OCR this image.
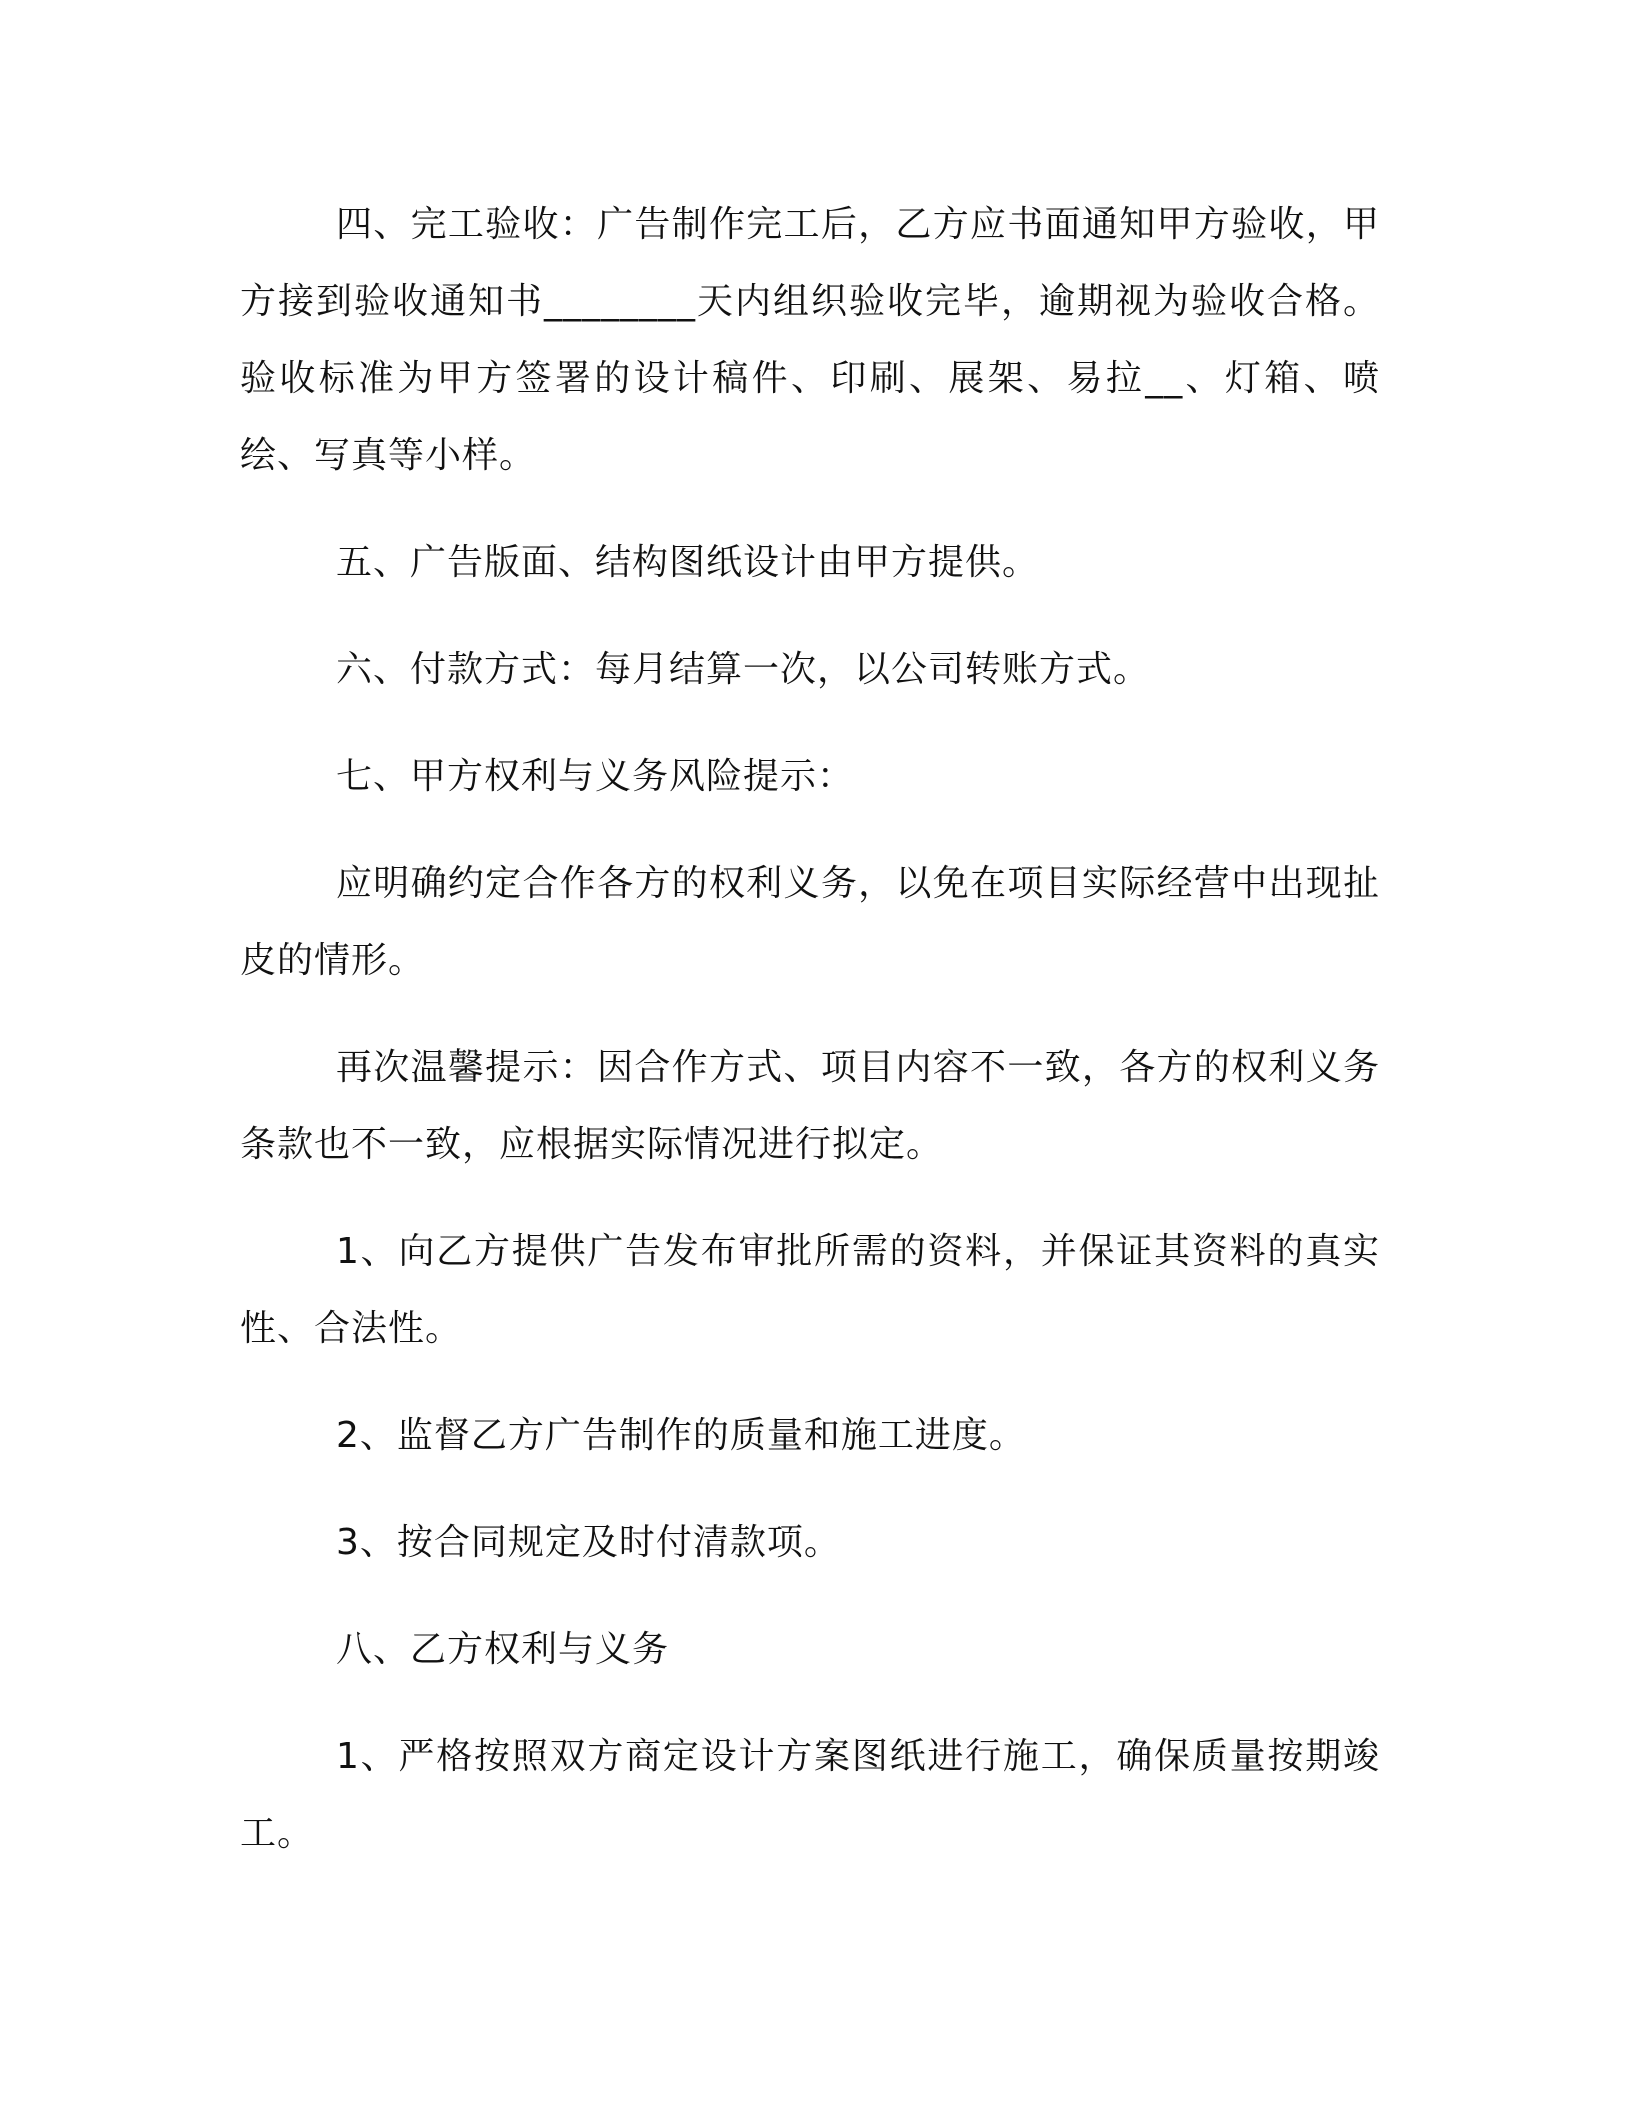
四、完工验收：广告制作完工后，乙方应书面通知甲方验收，甲方接到验收通知书________天内组织验收完毕，逾期视为验收合格。验收标准为甲方签署的设计稿件、印刷、展架、易拉__、灯箱、喷绘、写真等小样。

五、广告版面、结构图纸设计由甲方提供。

六、付款方式：每月结算一次，以公司转账方式。

七、甲方权利与义务风险提示：

应明确约定合作各方的权利义务，以免在项目实际经营中出现扯皮的情形。

再次温馨提示：因合作方式、项目内容不一致，各方的权利义务条款也不一致，应根据实际情况进行拟定。

1、向乙方提供广告发布审批所需的资料，并保证其资料的真实性、合法性。

2、监督乙方广告制作的质量和施工进度。

3、按合同规定及时付清款项。

八、乙方权利与义务

1、严格按照双方商定设计方案图纸进行施工，确保质量按期竣工。
